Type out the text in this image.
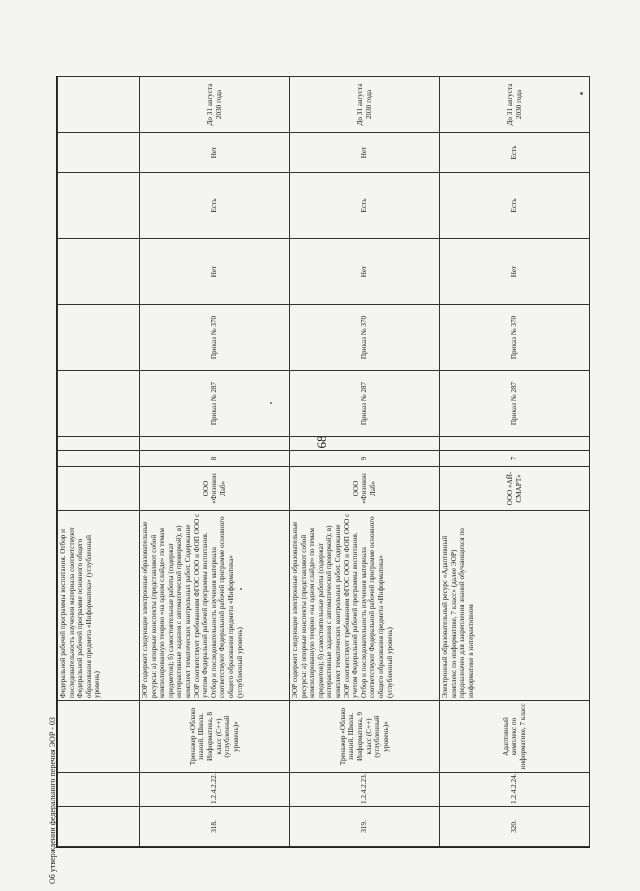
68
			Федеральной рабочей программы воспитания. Отбор и последовательность изучения материала соответствуют Федеральной рабочей программе основного общего образования предмета «Информатика» (углубленный уровень)									
318.	1.2.4.2.22.	Тренажер «Облако знаний. Школа. Информатика, 8 класс (С++) (углубленный уровень)»	ЭОР содержит следующие электронные образовательные ресурсы: а) опорные конспекты (представляют собой компилированную теорию «на одном слайде» по темам предметов); б) самостоятельные работы (содержат интерактивные задания с автоматической проверкой); в) комплект тематических контрольных работ. Содержание ЭОР соответствует требованиям ФГОС ООО и ФОП ООО с учетом Федеральной рабочей программы воспитания. Отбор и последовательность изучения материала соответствуют Федеральной рабочей программе основного общего образования предмета «Информатика» (углубленный уровень)	ООО «Физикон Лаб»	8		Приказ № 287	Приказ № 370	Нет	Есть	Нет	До 31 августа 2030 года
319.	1.2.4.2.23.	Тренажер «Облако знаний. Школа. Информатика, 9 класс (С++) (углубленный уровень)»	ЭОР содержит следующие электронные образовательные ресурсы: а) опорные конспекты (представляют собой компилированную теорию «на одном слайде» по темам предметов); б) самостоятельные работы (содержат интерактивные задания с автоматической проверкой); в) комплект тематических контрольных работ. Содержание ЭОР соответствует требованиям ФГОС ООО и ФОП ООО с учетом Федеральной рабочей программы воспитания. Отбор и последовательность изучения материала соответствуют Федеральной рабочей программе основного общего образования предмета «Информатика» (углубленный уровень)	ООО «Физикон Лаб»	9		Приказ № 287	Приказ № 370	Нет	Есть	Нет	До 31 августа 2030 года
320.	1.2.4.2.24.	Адаптивный комплекс по информатике, 7 класс	Электронный образовательный ресурс «Адаптивный комплекс по информатике, 7 класс» (далее ЭОР) предназначен для закрепления знаний обучающихся по информатике в интерактивном	ООО «АЙ-СМАРТ»	7		Приказ № 287	Приказ № 370	Нет	Есть	Есть	До 31 августа 2030 года
Об утверждении федерального перечня ЭОР - 03
